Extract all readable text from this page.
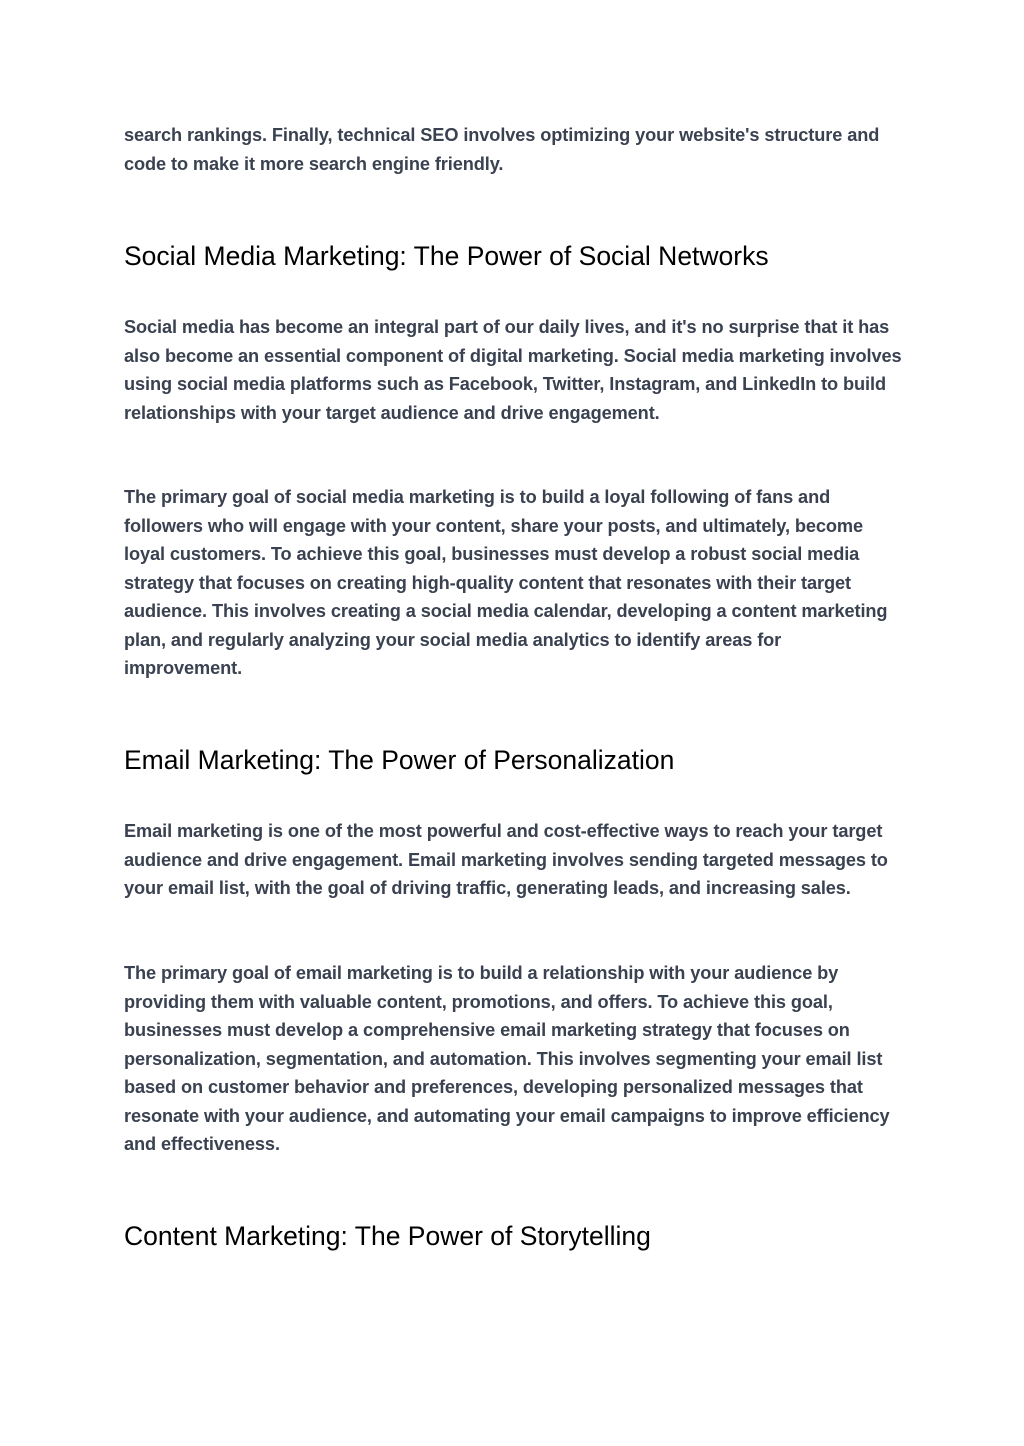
search rankings. Finally, technical SEO involves optimizing your website's structure and code to make it more search engine friendly.

Social Media Marketing: The Power of Social Networks

Social media has become an integral part of our daily lives, and it's no surprise that it has also become an essential component of digital marketing. Social media marketing involves using social media platforms such as Facebook, Twitter, Instagram, and LinkedIn to build relationships with your target audience and drive engagement.

The primary goal of social media marketing is to build a loyal following of fans and followers who will engage with your content, share your posts, and ultimately, become loyal customers. To achieve this goal, businesses must develop a robust social media strategy that focuses on creating high-quality content that resonates with their target audience. This involves creating a social media calendar, developing a content marketing plan, and regularly analyzing your social media analytics to identify areas for improvement.

Email Marketing: The Power of Personalization

Email marketing is one of the most powerful and cost-effective ways to reach your target audience and drive engagement. Email marketing involves sending targeted messages to your email list, with the goal of driving traffic, generating leads, and increasing sales.

The primary goal of email marketing is to build a relationship with your audience by providing them with valuable content, promotions, and offers. To achieve this goal, businesses must develop a comprehensive email marketing strategy that focuses on personalization, segmentation, and automation. This involves segmenting your email list based on customer behavior and preferences, developing personalized messages that resonate with your audience, and automating your email campaigns to improve efficiency and effectiveness.

Content Marketing: The Power of Storytelling
